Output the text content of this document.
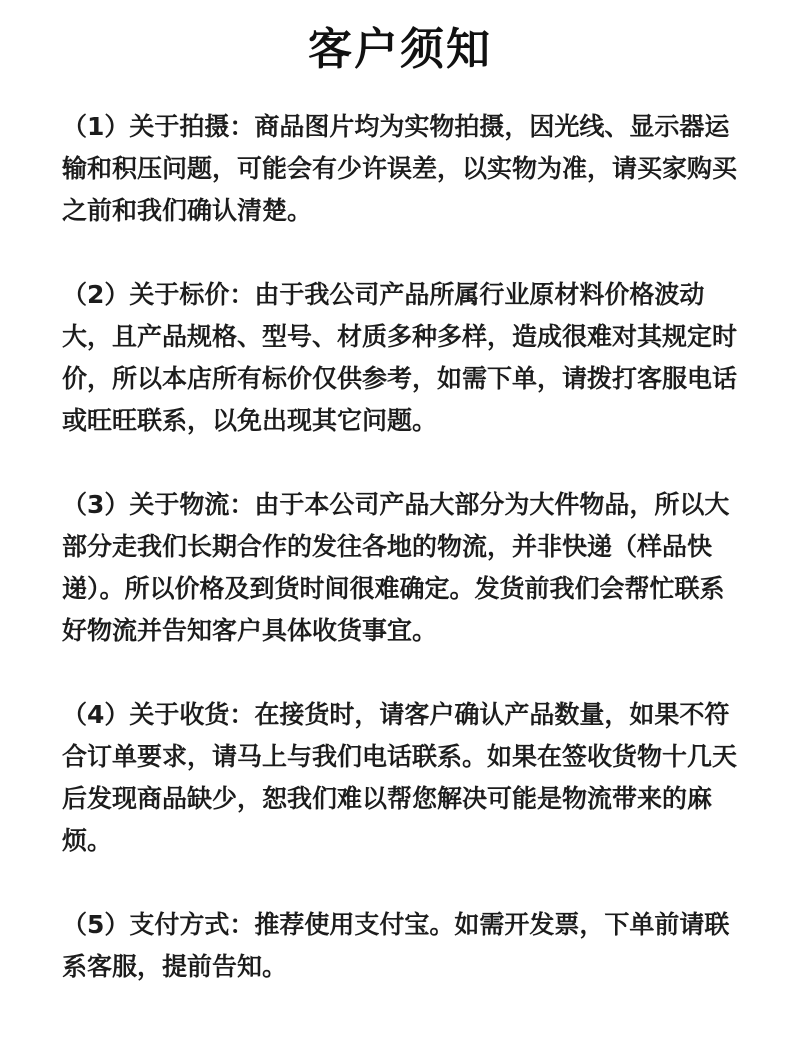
客户须知

（1）关于拍摄：商品图片均为实物拍摄，因光线、显示器运输和积压问题，可能会有少许误差，以实物为准，请买家购买之前和我们确认清楚。

（2）关于标价：由于我公司产品所属行业原材料价格波动大，且产品规格、型号、材质多种多样，造成很难对其规定时价，所以本店所有标价仅供参考，如需下单，请拨打客服电话或旺旺联系，以免出现其它问题。

（3）关于物流：由于本公司产品大部分为大件物品，所以大部分走我们长期合作的发往各地的物流，并非快递（样品快递）。所以价格及到货时间很难确定。发货前我们会帮忙联系好物流并告知客户具体收货事宜。

（4）关于收货：在接货时，请客户确认产品数量，如果不符合订单要求，请马上与我们电话联系。如果在签收货物十几天后发现商品缺少，恕我们难以帮您解决可能是物流带来的麻烦。

（5）支付方式：推荐使用支付宝。如需开发票，下单前请联系客服，提前告知。
